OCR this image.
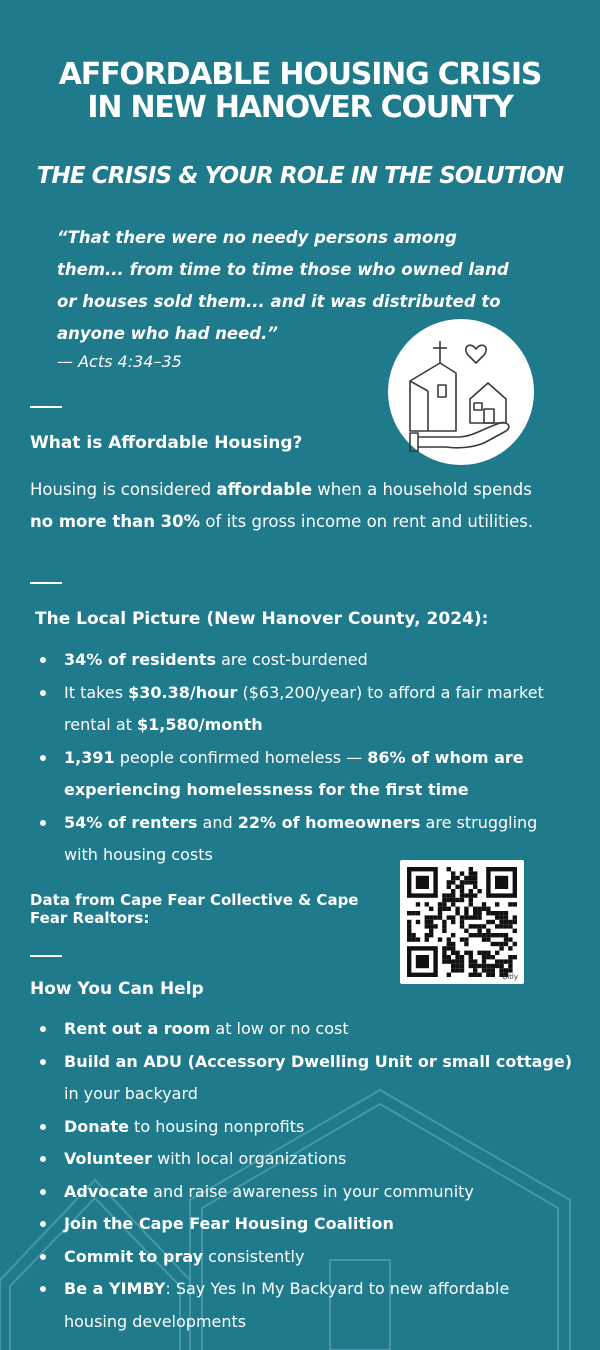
AFFORDABLE HOUSING CRISIS
IN NEW HANOVER COUNTY
THE CRISIS & YOUR ROLE IN THE SOLUTION
“That there were no needy persons among them... from time to time those who owned land or houses sold them... and it was distributed to anyone who had need.”
— Acts 4:34–35
What is Affordable Housing?
Housing is considered affordable when a household spends no more than 30% of its gross income on rent and utilities.
The Local Picture (New Hanover County, 2024):
34% of residents are cost-burdened
It takes $30.38/hour ($63,200/year) to afford a fair market rental at $1,580/month
1,391 people confirmed homeless — 86% of whom are experiencing homelessness for the first time
54% of renters and 22% of homeowners are struggling with housing costs
Data from Cape Fear Collective & Cape Fear Realtors:
bitly
How You Can Help
Rent out a room at low or no cost
Build an ADU (Accessory Dwelling Unit or small cottage) in your backyard
Donate to housing nonprofits
Volunteer with local organizations
Advocate and raise awareness in your community
Join the Cape Fear Housing Coalition
Commit to pray consistently
Be a YIMBY: Say Yes In My Backyard to new affordable housing developments
